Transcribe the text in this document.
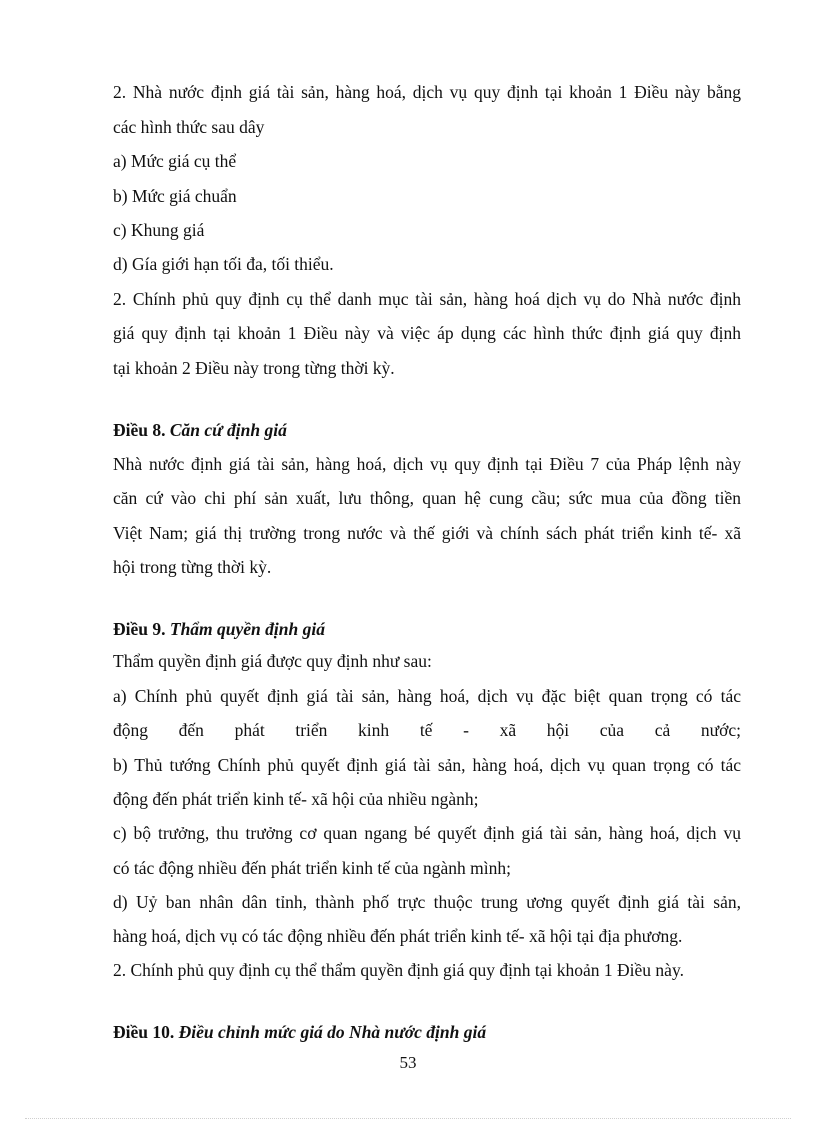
2. Nhà nước định giá tài sản, hàng hoá, dịch vụ quy định tại khoản 1 Điều này bằng
các hình thức sau dây
a) Mức giá cụ thể
b) Mức giá chuẩn
c) Khung giá
d) Gía giới hạn tối đa, tối thiểu.
2. Chính phủ quy định cụ thể danh mục tài sản, hàng hoá dịch vụ do Nhà nước định
giá quy định tại khoản 1 Điều này và việc áp dụng các hình thức định giá quy định
tại khoản 2 Điều này trong từng thời kỳ.
Điều 8. Căn cứ định giá
Nhà nước định giá tài sản, hàng hoá, dịch vụ quy định tại Điều 7 của Pháp lệnh này
căn cứ vào chi phí sản xuất, lưu thông, quan hệ cung cầu; sức mua của đồng tiền
Việt Nam; giá thị trường trong nước và thế giới và chính sách phát triển kinh tế- xã
hội trong từng thời kỳ.
Điều 9. Thẩm quyền định giá
Thẩm quyền định giá được quy định như sau:
a) Chính phủ quyết định giá tài sản, hàng hoá, dịch vụ đặc biệt quan trọng có tác
động đến phát triển kinh tế - xã hội của cả nước;
b) Thủ tướng Chính phủ quyết định giá tài sản, hàng hoá, dịch vụ quan trọng có tác
động đến phát triển kinh tế- xã hội của nhiều ngành;
c) bộ trưởng, thu trưởng cơ quan ngang bé quyết định giá tài sản, hàng hoá, dịch vụ
có tác động nhiều đến phát triển kinh tế của ngành mình;
d) Uỷ ban nhân dân tỉnh, thành phố trực thuộc trung ương quyết định giá tài sản,
hàng hoá, dịch vụ có tác động nhiều đến phát triển kinh tế- xã hội tại địa phương.
2. Chính phủ quy định cụ thể thẩm quyền định giá quy định tại khoản 1 Điều này.
Điều 10. Điều chỉnh mức giá do Nhà nước định giá
53
